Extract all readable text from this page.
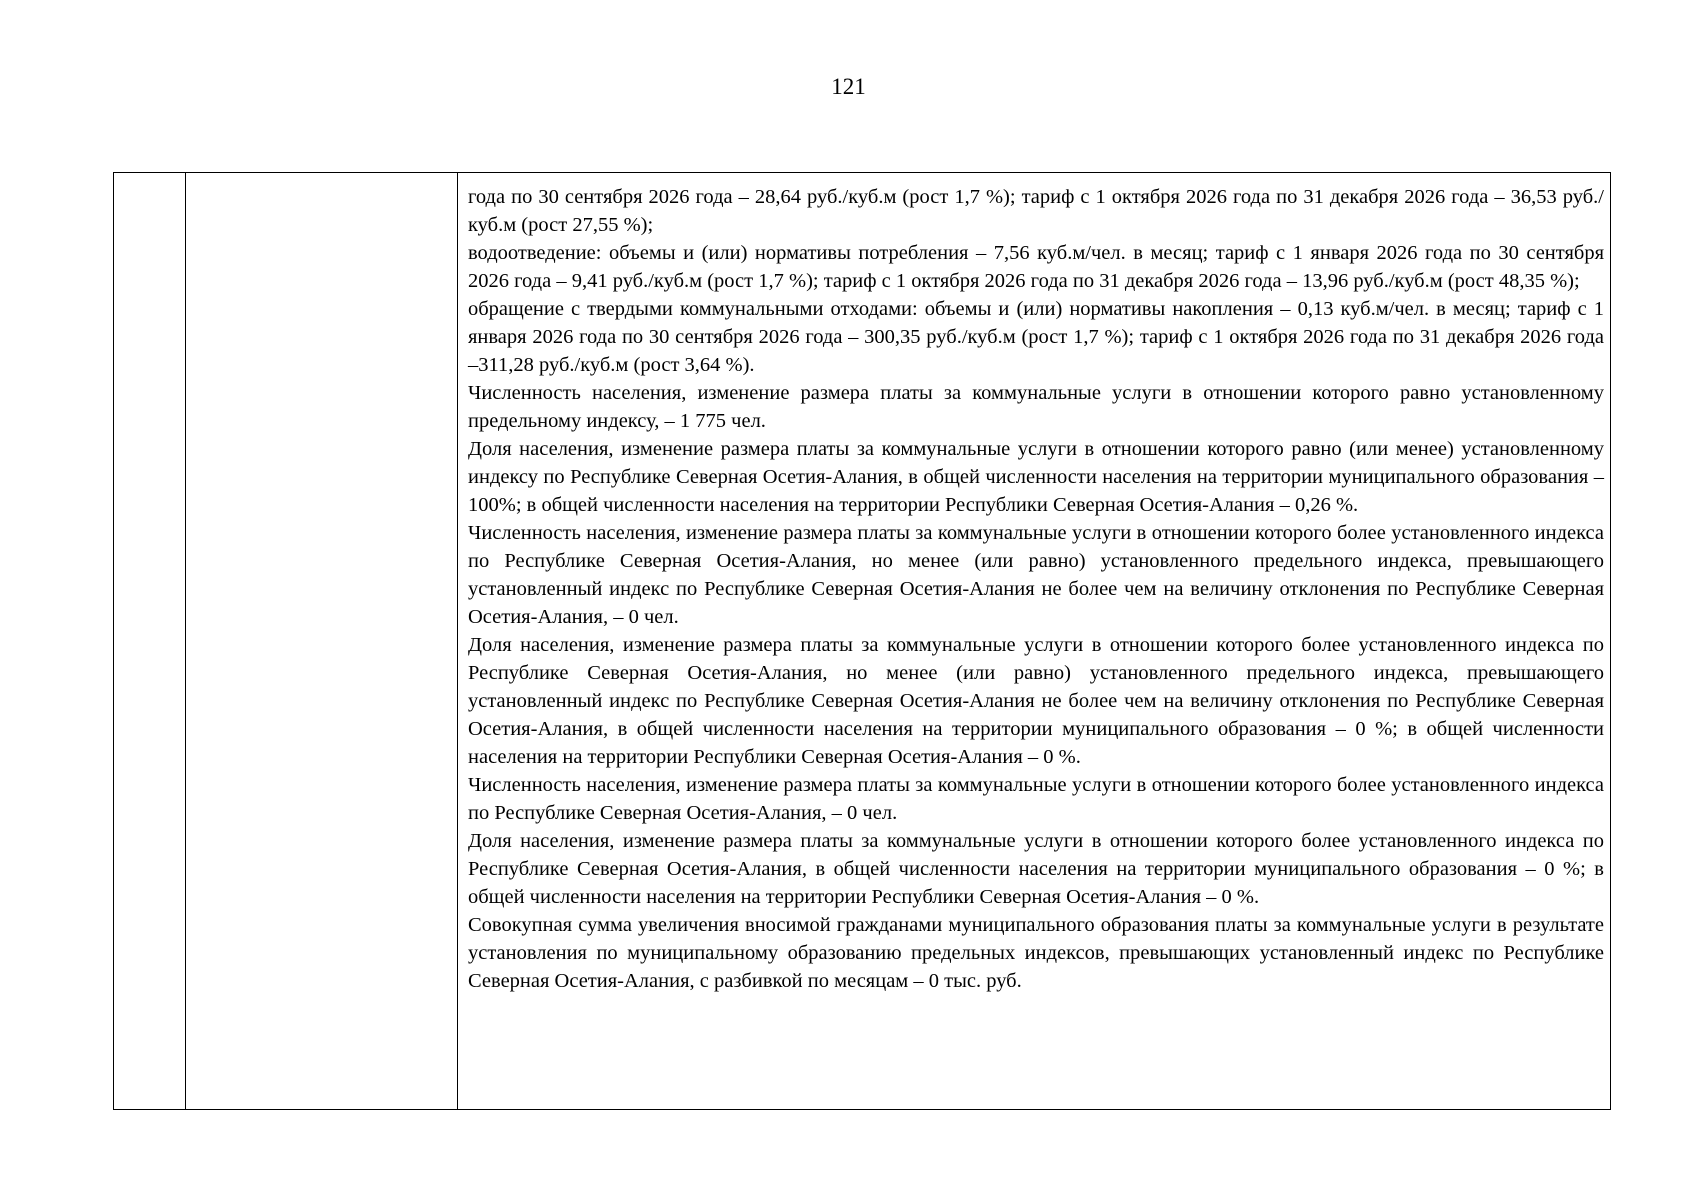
121

года по 30 сентября 2026 года – 28,64 руб./куб.м (рост 1,7 %); тариф с 1 октября 2026 года по 31 декабря 2026 года – 36,53 руб./куб.м (рост 27,55 %);

водоотведение: объемы и (или) нормативы потребления – 7,56 куб.м/чел. в месяц; тариф с 1 января 2026 года по 30 сентября 2026 года – 9,41 руб./куб.м (рост 1,7 %); тариф с 1 октября 2026 года по 31 декабря 2026 года – 13,96 руб./куб.м (рост 48,35 %);

обращение с твердыми коммунальными отходами: объемы и (или) нормативы накопления – 0,13 куб.м/чел. в месяц; тариф с 1 января 2026 года по 30 сентября 2026 года – 300,35 руб./куб.м (рост 1,7 %); тариф с 1 октября 2026 года по 31 декабря 2026 года –311,28 руб./куб.м (рост 3,64 %).

Численность населения, изменение размера платы за коммунальные услуги в отношении которого равно установленному предельному индексу, – 1 775 чел.

Доля населения, изменение размера платы за коммунальные услуги в отношении которого равно (или менее) установленному индексу по Республике Северная Осетия-Алания, в общей численности населения на территории муниципального образования – 100%; в общей численности населения на территории Республики Северная Осетия-Алания – 0,26 %.

Численность населения, изменение размера платы за коммунальные услуги в отношении которого более установленного индекса по Республике Северная Осетия-Алания, но менее (или равно) установленного предельного индекса, превышающего установленный индекс по Республике Северная Осетия-Алания не более чем на величину отклонения по Республике Северная Осетия-Алания, – 0 чел.

Доля населения, изменение размера платы за коммунальные услуги в отношении которого более установленного индекса по Республике Северная Осетия-Алания, но менее (или равно) установленного предельного индекса, превышающего установленный индекс по Республике Северная Осетия-Алания не более чем на величину отклонения по Республике Северная Осетия-Алания, в общей численности населения на территории муниципального образования – 0 %; в общей численности населения на территории Республики Северная Осетия-Алания – 0 %.

Численность населения, изменение размера платы за коммунальные услуги в отношении которого более установленного индекса по Республике Северная Осетия-Алания, – 0 чел.

Доля населения, изменение размера платы за коммунальные услуги в отношении которого более установленного индекса по Республике Северная Осетия-Алания, в общей численности населения на территории муниципального образования – 0 %; в общей численности населения на территории Республики Северная Осетия-Алания – 0 %.

Совокупная сумма увеличения вносимой гражданами муниципального образования платы за коммунальные услуги в результате установления по муниципальному образованию предельных индексов, превышающих установленный индекс по Республике Северная Осетия-Алания, с разбивкой по месяцам – 0 тыс. руб.
